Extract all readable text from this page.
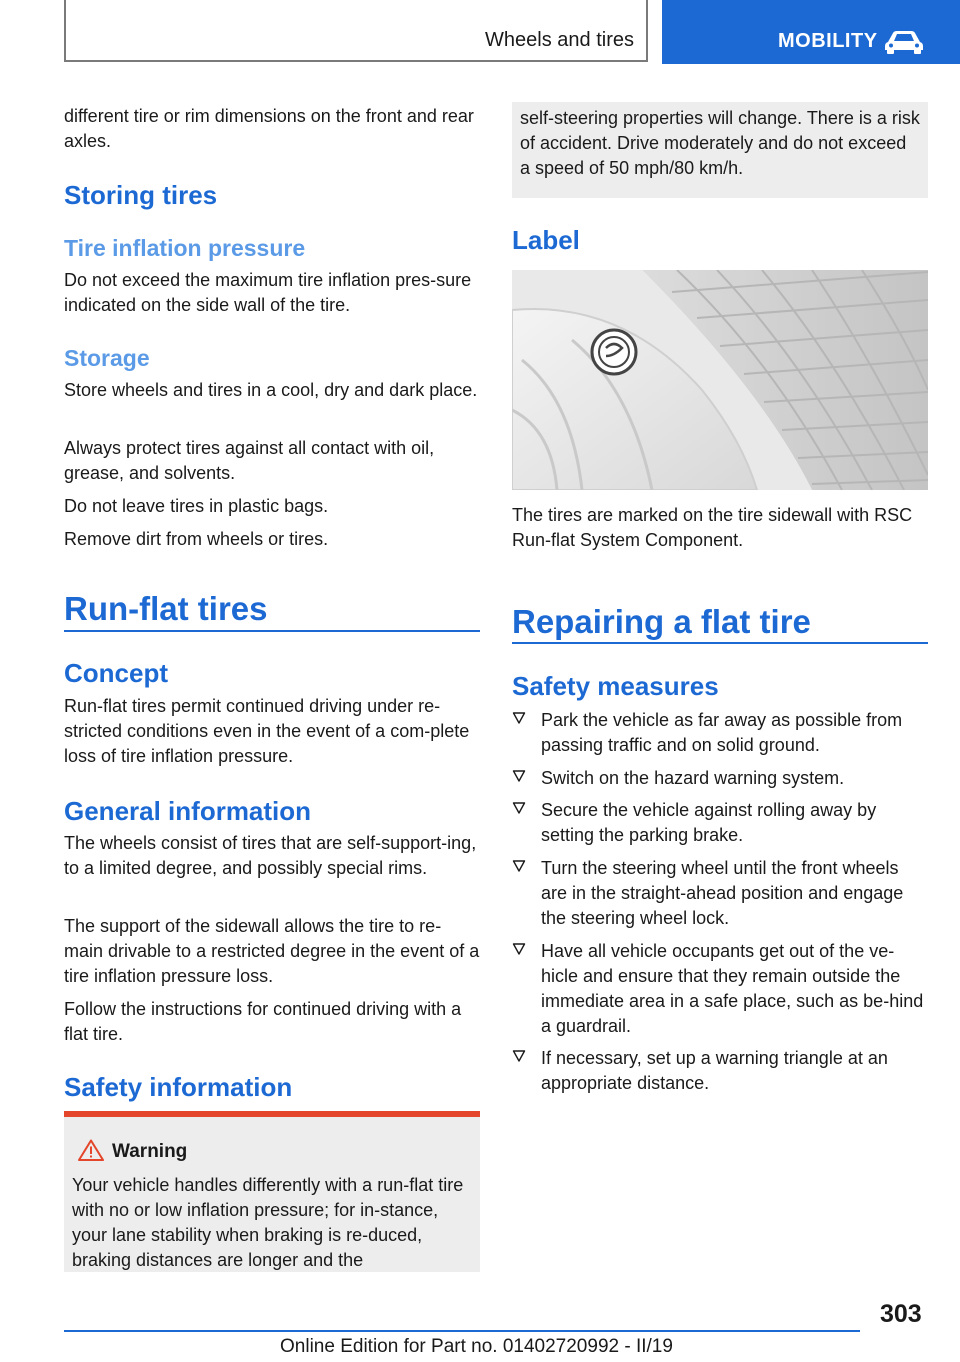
Wheels and tires	MOBILITY

different tire or rim dimensions on the front and rear axles.

Storing tires
Tire inflation pressure

Do not exceed the maximum tire inflation pres-sure indicated on the side wall of the tire.

Storage

Store wheels and tires in a cool, dry and dark place.

Always protect tires against all contact with oil, grease, and solvents.

Do not leave tires in plastic bags.

Remove dirt from wheels or tires.

Run-flat tires
Concept

Run-flat tires permit continued driving under re-stricted conditions even in the event of a com-plete loss of tire inflation pressure.

General information

The wheels consist of tires that are self-support-ing, to a limited degree, and possibly special rims.

The support of the sidewall allows the tire to re-main drivable to a restricted degree in the event of a tire inflation pressure loss.

Follow the instructions for continued driving with a flat tire.

Safety information
Warning

Your vehicle handles differently with a run-flat tire with no or low inflation pressure; for in-stance, your lane stability when braking is re-duced, braking distances are longer and the

self-steering properties will change. There is a risk of accident. Drive moderately and do not exceed a speed of 50 mph/80 km/h.

Label

The tires are marked on the tire sidewall with RSC Run-flat System Component.

Repairing a flat tire
Safety measures
Park the vehicle as far away as possible from passing traffic and on solid ground.
Switch on the hazard warning system.
Secure the vehicle against rolling away by setting the parking brake.
Turn the steering wheel until the front wheels are in the straight-ahead position and engage the steering wheel lock.
Have all vehicle occupants get out of the ve-hicle and ensure that they remain outside the immediate area in a safe place, such as be-hind a guardrail.
If necessary, set up a warning triangle at an appropriate distance.
303
Online Edition for Part no. 01402720992 - II/19
